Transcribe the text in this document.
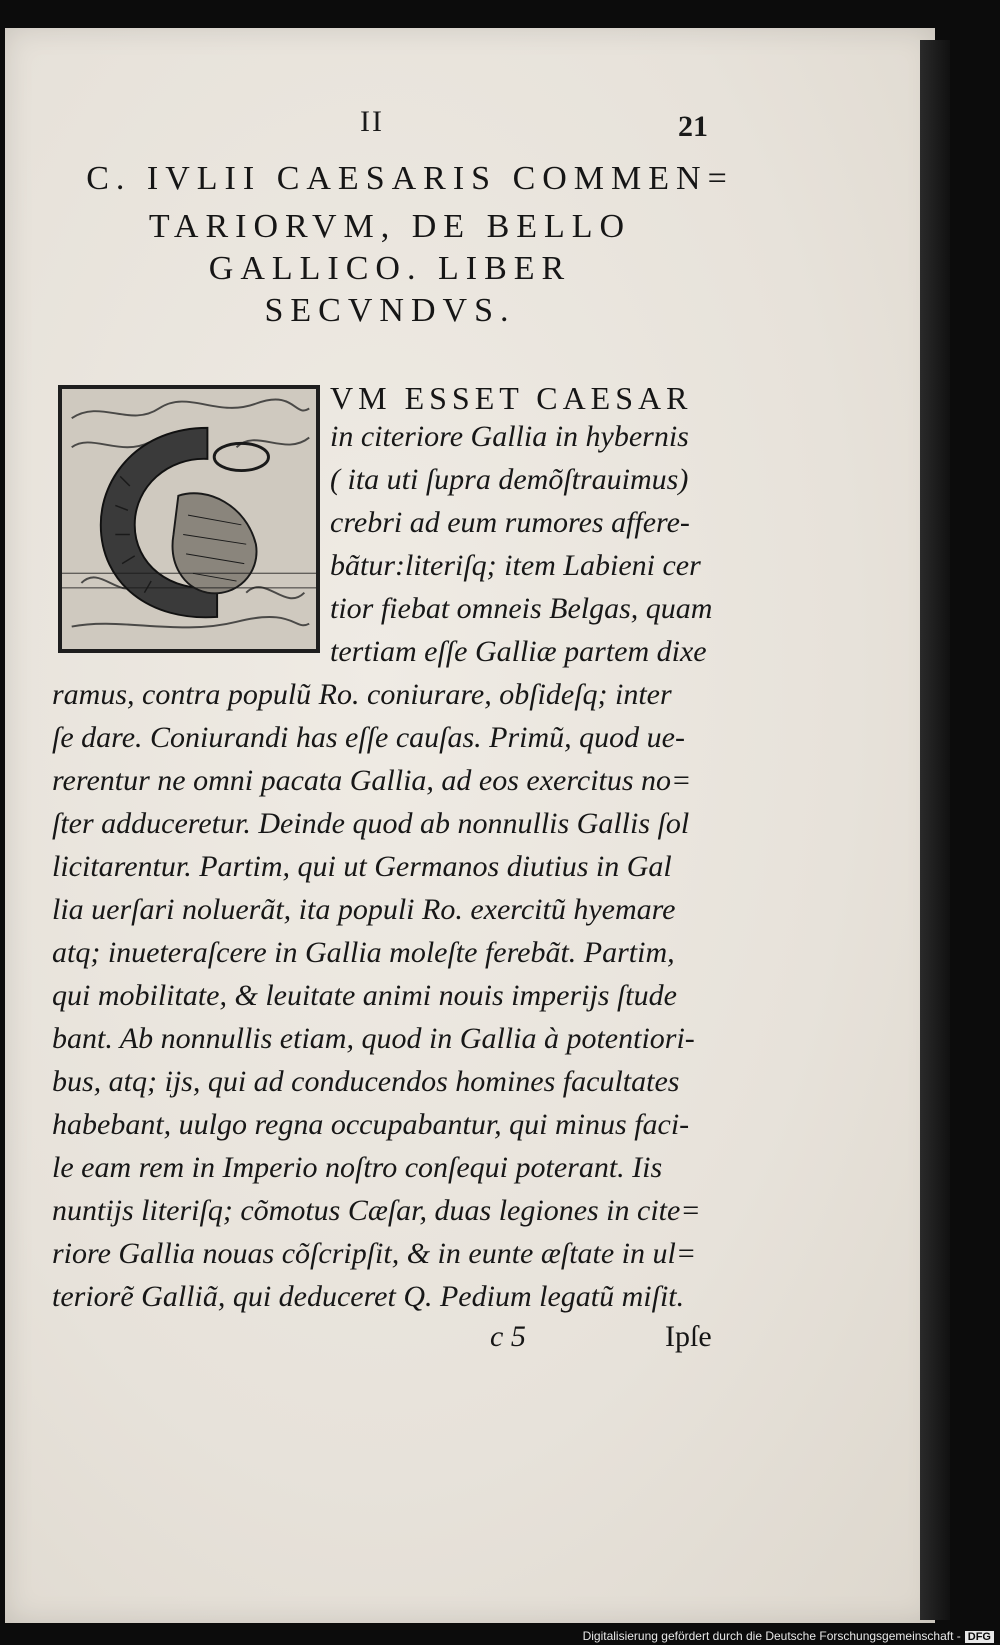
II	21
C. IVLII CAESARIS COMMEN=
TARIORVM, DE BELLO
GALLICO. LIBER
SECVNDVS.
VM ESSET CAESAR
in citeriore Gallia in hybernis
( ita uti ſupra demõſtrauimus)
crebri ad eum rumores affere-
bãtur:literiſq; item Labieni cer
tior fiebat omneis Belgas, quam
tertiam eſſe Galliæ partem dixe
ramus, contra populũ Ro. coniurare, obſideſq; inter
ſe dare. Coniurandi has eſſe cauſas. Primũ, quod ue-
rerentur ne omni pacata Gallia, ad eos exercitus no=
ſter adduceretur. Deinde quod ab nonnullis Gallis ſol
licitarentur. Partim, qui ut Germanos diutius in Gal
lia uerſari noluerãt, ita populi Ro. exercitũ hyemare
atq; inueteraſcere in Gallia moleſte ferebãt. Partim,
qui mobilitate, & leuitate animi nouis imperijs ſtude
bant. Ab nonnullis etiam, quod in Gallia à potentiori-
bus, atq; ijs, qui ad conducendos homines facultates
habebant, uulgo regna occupabantur, qui minus faci-
le eam rem in Imperio noſtro conſequi poterant. Iis
nuntijs literiſq; cõmotus Cæſar, duas legiones in cite=
riore Gallia nouas cõſcripſit, & in eunte æſtate in ul=
teriorẽ Galliã, qui deduceret Q. Pedium legatũ miſit.
c 5	Ipſe
Digitalisierung gefördert durch die Deutsche Forschungsgemeinschaft - DFG
